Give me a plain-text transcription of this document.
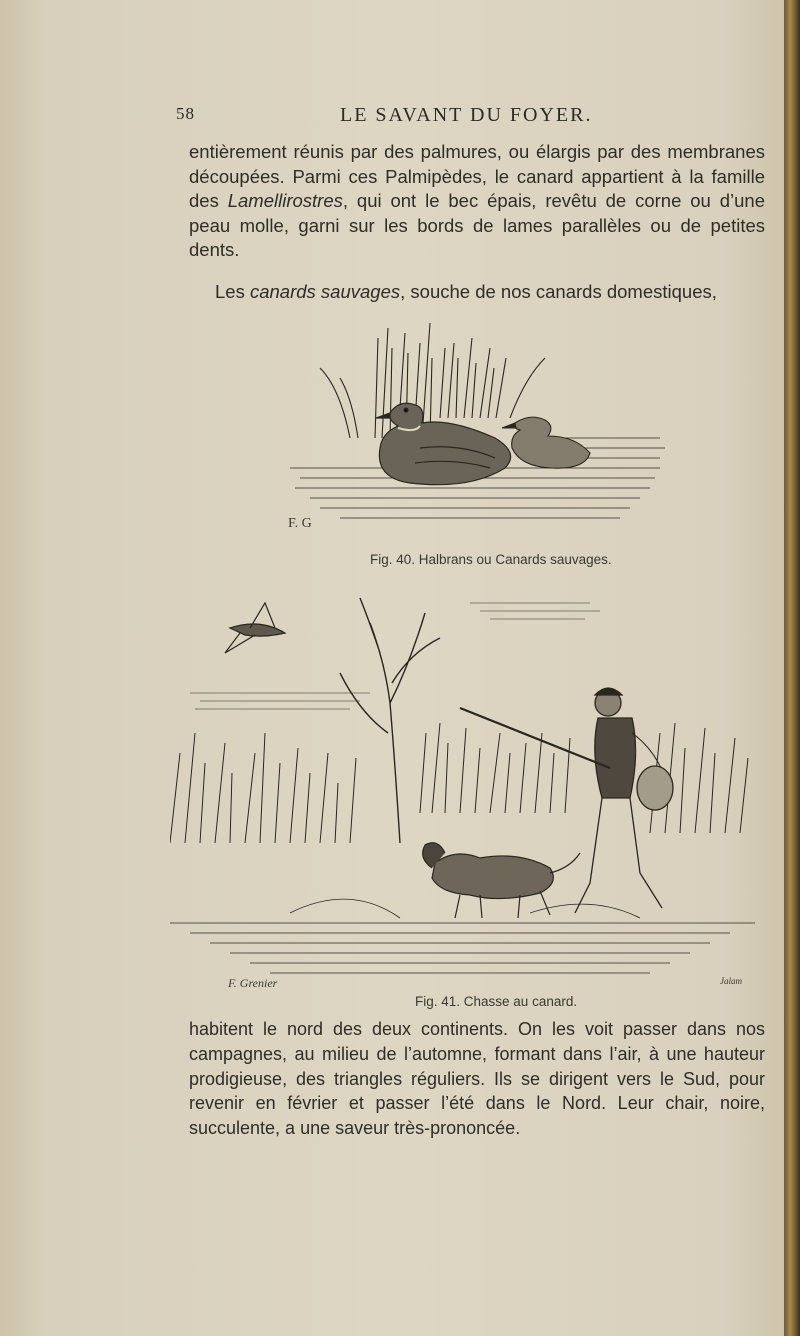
58	LE SAVANT DU FOYER.
entièrement réunis par des palmures, ou élargis par des membranes découpées. Parmi ces Palmipèdes, le canard appartient à la famille des Lamellirostres, qui ont le bec épais, revêtu de corne ou d’une peau molle, garni sur les bords de lames parallèles ou de petites dents.
Les canards sauvages, souche de nos canards domestiques,
F. G
Fig. 40. Halbrans ou Canards sauvages.
F. Grenier	Jalam
Fig. 41. Chasse au canard.
habitent le nord des deux continents. On les voit passer dans nos campagnes, au milieu de l’automne, formant dans l’air, à une hauteur prodigieuse, des triangles réguliers. Ils se dirigent vers le Sud, pour revenir en février et passer l’été dans le Nord. Leur chair, noire, succulente, a une saveur très-prononcée.
